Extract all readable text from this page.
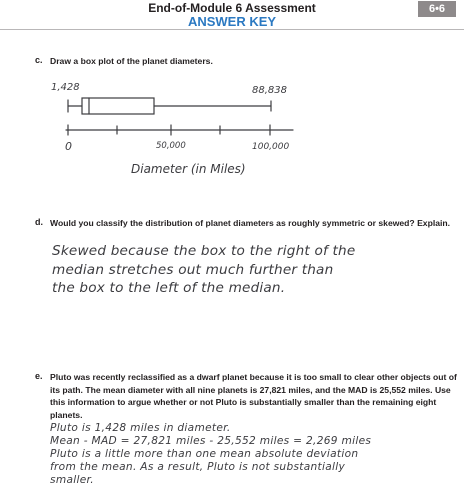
End-of-Module 6 Assessment
ANSWER KEY
6•6
c. Draw a box plot of the planet diameters.
1,428	88,838
0	50,000	100,000
Diameter (in Miles)
d. Would you classify the distribution of planet diameters as roughly symmetric or skewed? Explain.
Skewed because the box to the right of the
median stretches out much further than
the box to the left of the median.
e. Pluto was recently reclassified as a dwarf planet because it is too small to clear other objects out of
its path. The mean diameter with all nine planets is 27,821 miles, and the MAD is 25,552 miles. Use
this information to argue whether or not Pluto is substantially smaller than the remaining eight
planets.
Pluto is 1,428 miles in diameter.
Mean - MAD = 27,821 miles - 25,552 miles = 2,269 miles
Pluto is a little more than one mean absolute deviation
from the mean. As a result, Pluto is not substantially
smaller.
